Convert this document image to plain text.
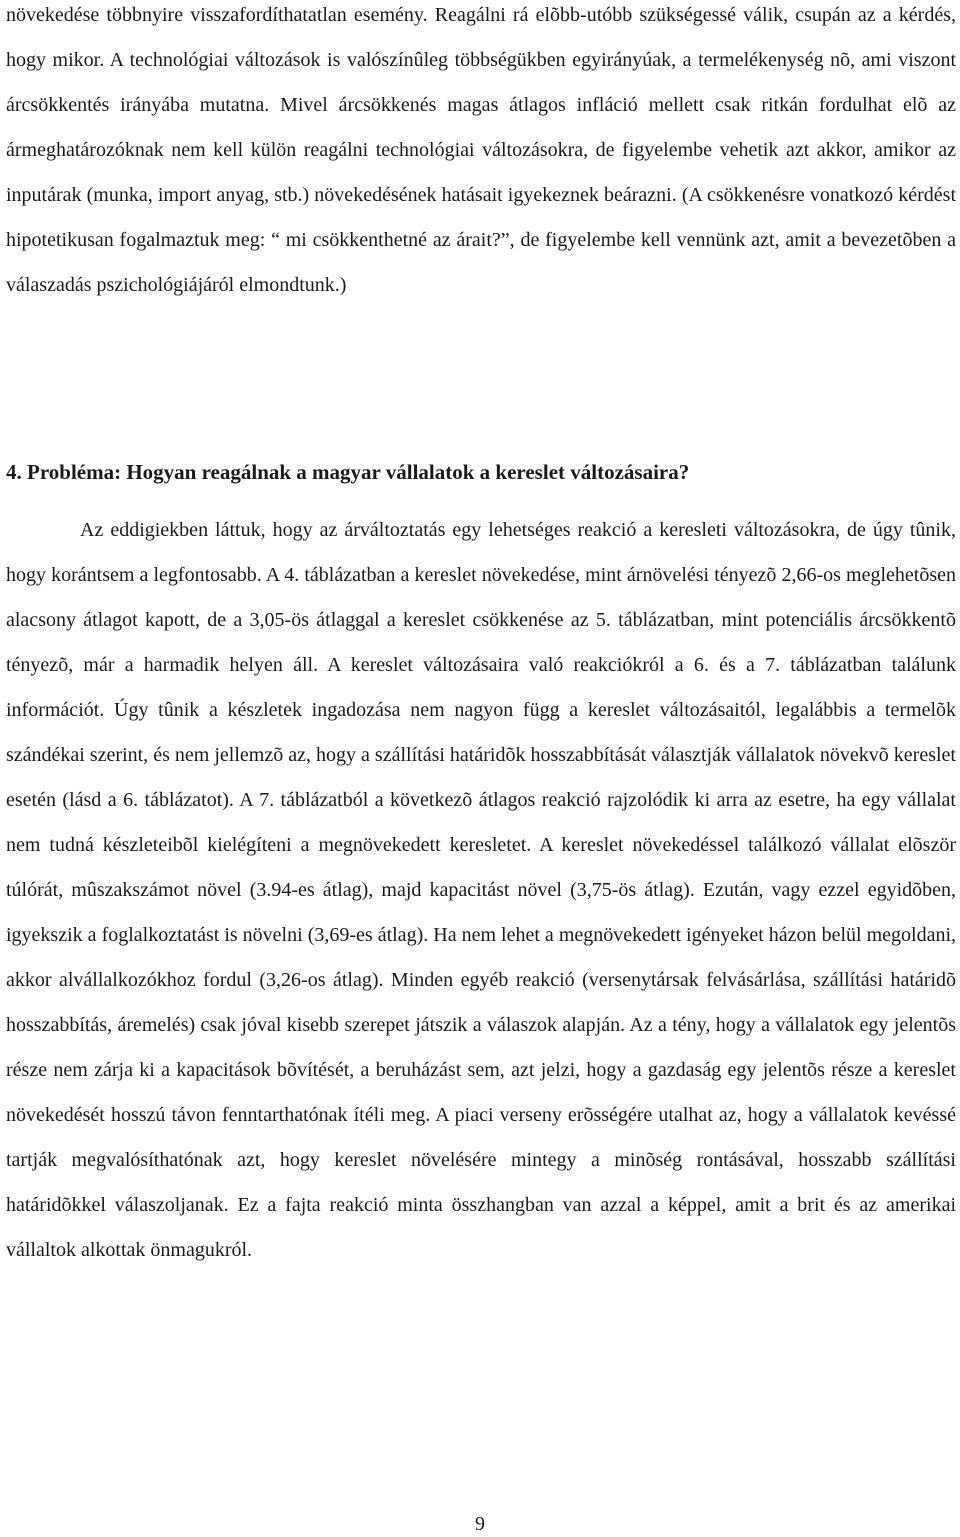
növekedése többnyire visszafordíthatatlan esemény. Reagálni rá elõbb-utóbb szükségessé válik, csupán az a kérdés, hogy mikor. A technológiai változások is valószínûleg többségükben egyirányúak, a termelékenység nõ, ami viszont árcsökkentés irányába mutatna. Mivel árcsökkenés magas átlagos infláció mellett csak ritkán fordulhat elõ az ármeghatározóknak nem kell külön reagálni technológiai változásokra, de figyelembe vehetik azt akkor, amikor az inputárak (munka, import anyag, stb.) növekedésének hatásait igyekeznek beárazni. (A csökkenésre vonatkozó kérdést hipotetikusan fogalmaztuk meg: “ mi csökkenthetné az árait?”, de figyelembe kell vennünk azt, amit a bevezetõben a válaszadás pszichológiájáról elmondtunk.)

4. Probléma: Hogyan reagálnak a magyar vállalatok a kereslet változásaira?

Az eddigiekben láttuk, hogy az árváltoztatás egy lehetséges reakció a keresleti változásokra, de úgy tûnik, hogy korántsem a legfontosabb. A 4. táblázatban a kereslet növekedése, mint árnövelési tényezõ 2,66-os meglehetõsen alacsony átlagot kapott, de a 3,05-ös átlaggal a kereslet csökkenése az 5. táblázatban, mint potenciális árcsökkentõ tényezõ, már a harmadik helyen áll. A kereslet változásaira való reakciókról a 6. és a 7. táblázatban találunk információt. Úgy tûnik a készletek ingadozása nem nagyon függ a kereslet változásaitól, legalábbis a termelõk szándékai szerint, és nem jellemzõ az, hogy a szállítási határidõk hosszabbítását választják vállalatok növekvõ kereslet esetén (lásd a 6. táblázatot). A 7. táblázatból a következõ átlagos reakció rajzolódik ki arra az esetre, ha egy vállalat nem tudná készleteibõl kielégíteni a megnövekedett keresletet. A kereslet növekedéssel találkozó vállalat elõször túlórát, mûszakszámot növel (3.94-es átlag), majd kapacitást növel (3,75-ös átlag). Ezután, vagy ezzel egyidõben, igyekszik a foglalkoztatást is növelni (3,69-es átlag). Ha nem lehet a megnövekedett igényeket házon belül megoldani, akkor alvállalkozókhoz fordul (3,26-os átlag). Minden egyéb reakció (versenytársak felvásárlása, szállítási határidõ hosszabbítás, áremelés) csak jóval kisebb szerepet játszik a válaszok alapján. Az a tény, hogy a vállalatok egy jelentõs része nem zárja ki a kapacitások bõvítését, a beruházást sem, azt jelzi, hogy a gazdaság egy jelentõs része a kereslet növekedését hosszú távon fenntarthatónak ítéli meg. A piaci verseny erõsségére utalhat az, hogy a vállalatok kevéssé tartják megvalósíthatónak azt, hogy kereslet növelésére mintegy a minõség rontásával, hosszabb szállítási határidõkkel válaszoljanak. Ez a fajta reakció minta összhangban van azzal a képpel, amit a brit és az amerikai vállaltok alkottak önmagukról.

9
